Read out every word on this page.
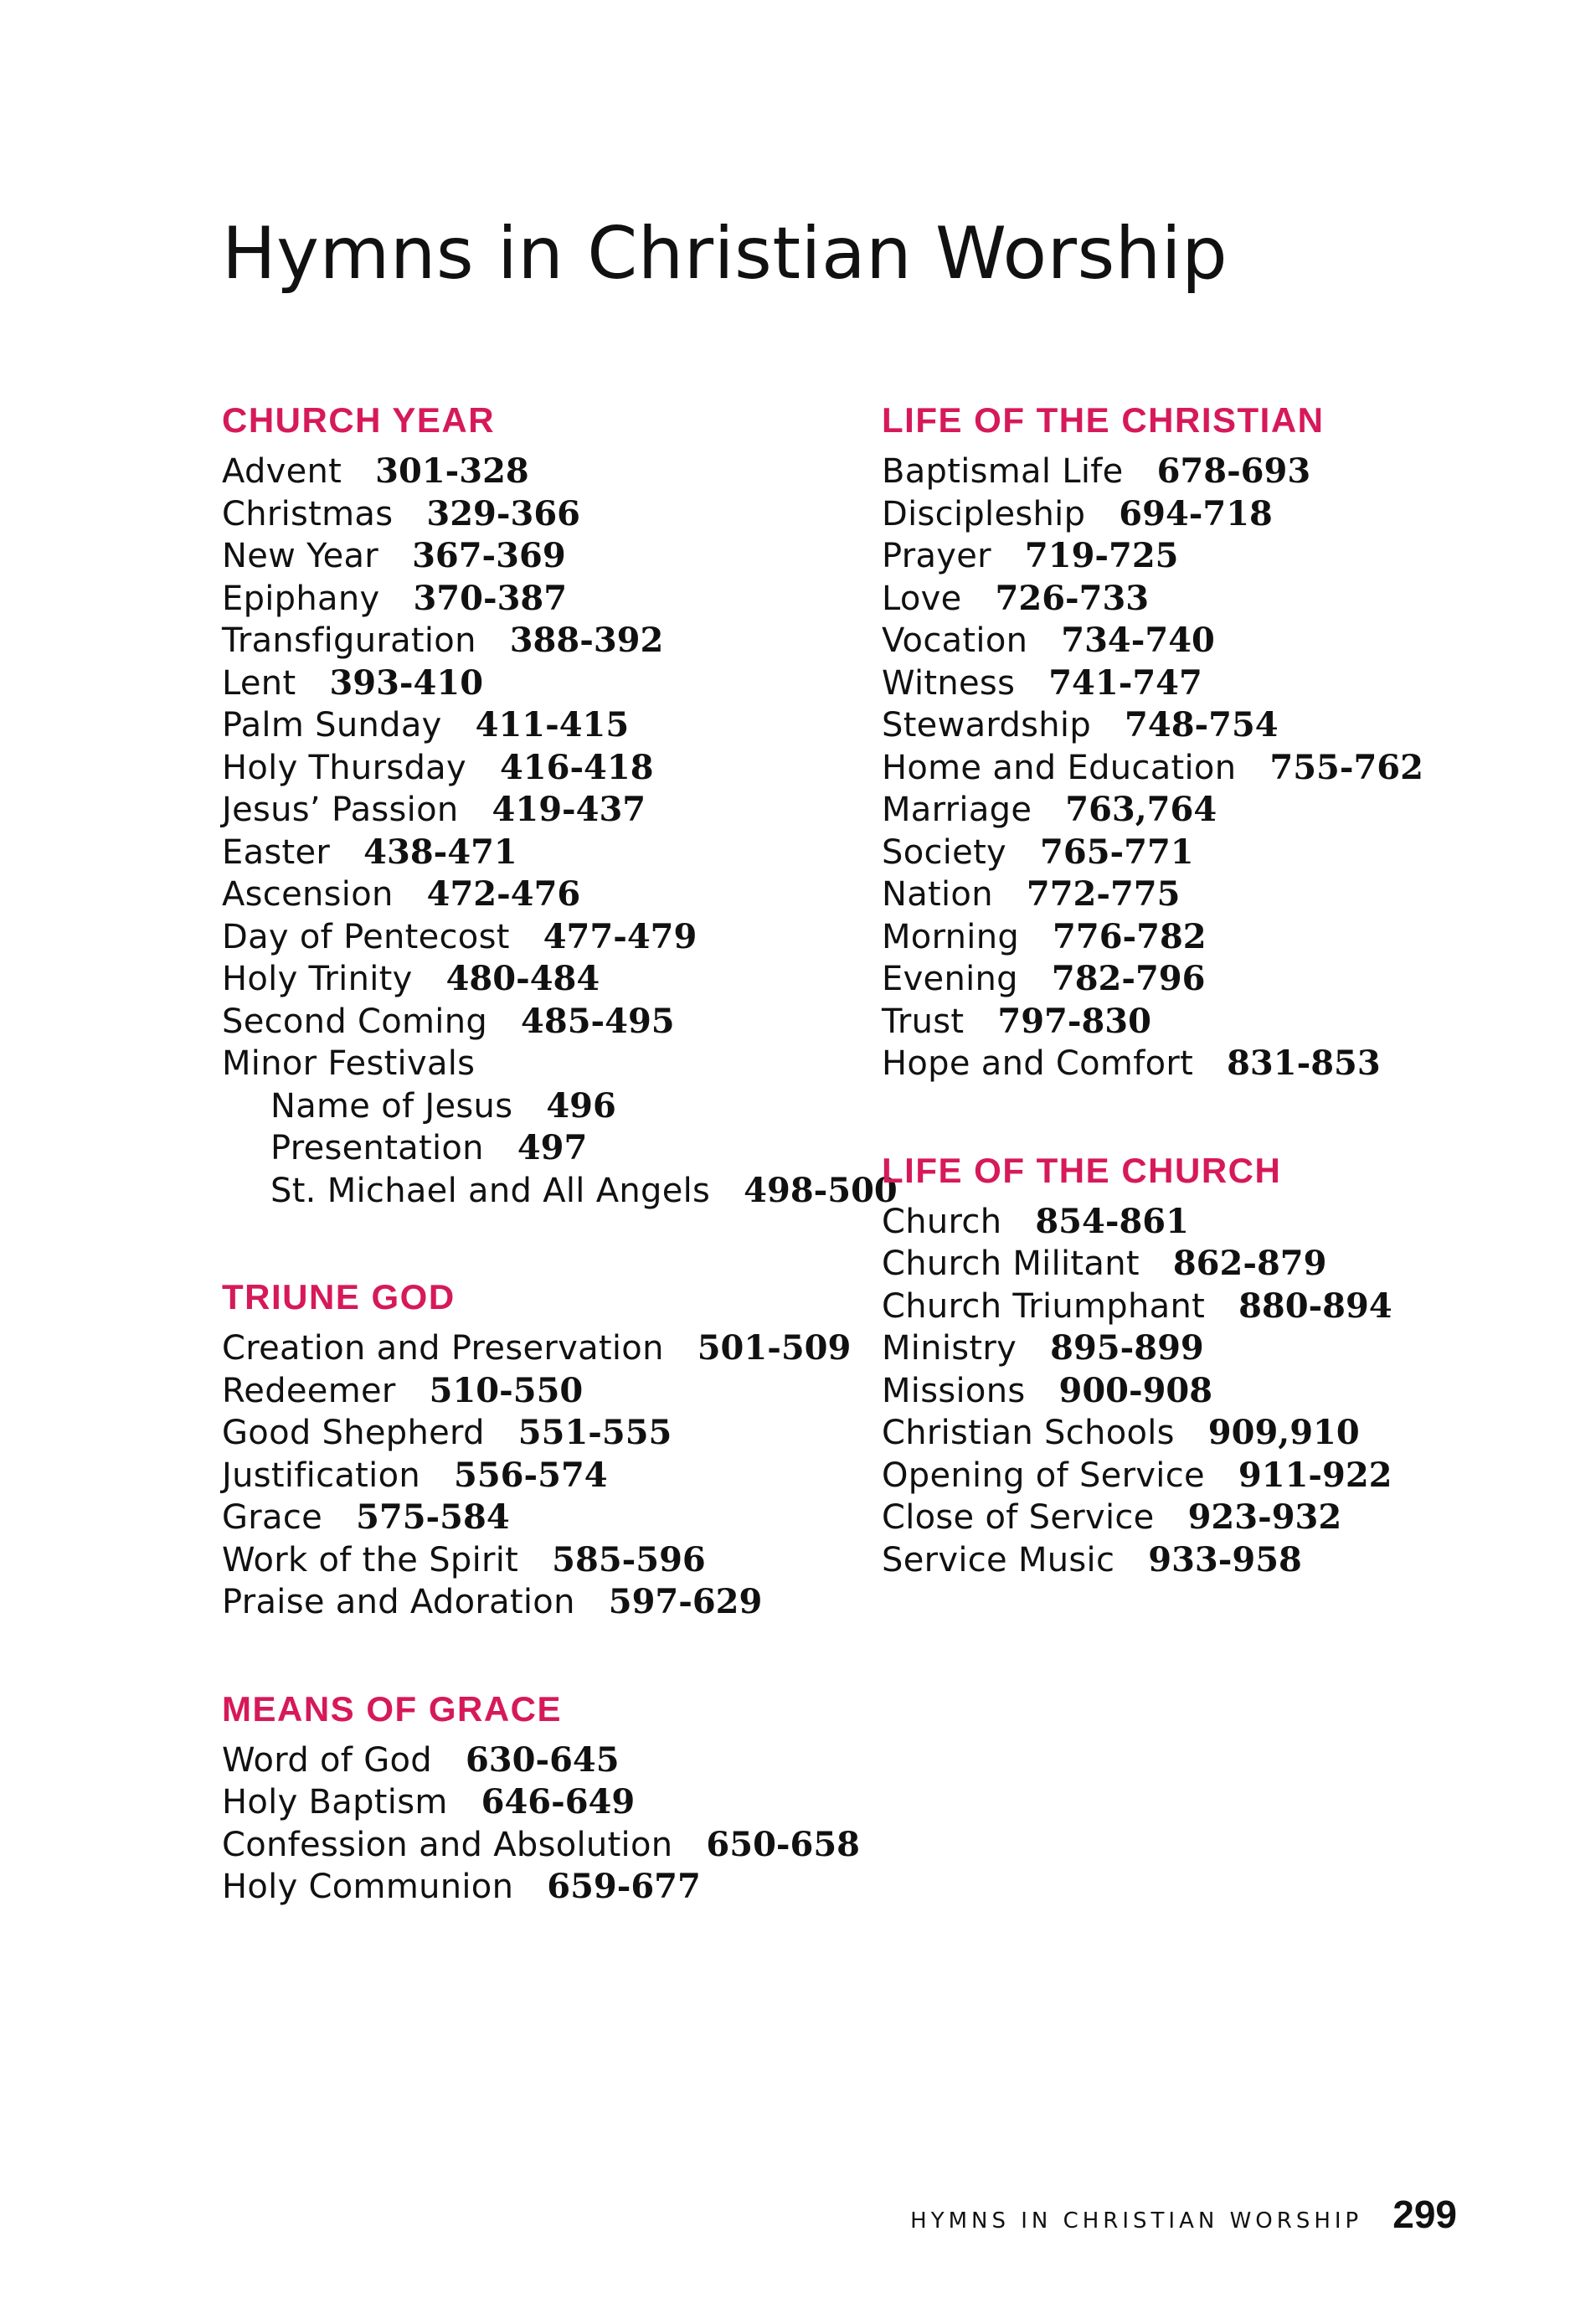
Hymns in Christian Worship
CHURCH YEAR
Advent 301-328
Christmas 329-366
New Year 367-369
Epiphany 370-387
Transfiguration 388-392
Lent 393-410
Palm Sunday 411-415
Holy Thursday 416-418
Jesus’ Passion 419-437
Easter 438-471
Ascension 472-476
Day of Pentecost 477-479
Holy Trinity 480-484
Second Coming 485-495
Minor Festivals
Name of Jesus 496
Presentation 497
St. Michael and All Angels 498-500
TRIUNE GOD
Creation and Preservation 501-509
Redeemer 510-550
Good Shepherd 551-555
Justification 556-574
Grace 575-584
Work of the Spirit 585-596
Praise and Adoration 597-629
MEANS OF GRACE
Word of God 630-645
Holy Baptism 646-649
Confession and Absolution 650-658
Holy Communion 659-677
LIFE OF THE CHRISTIAN
Baptismal Life 678-693
Discipleship 694-718
Prayer 719-725
Love 726-733
Vocation 734-740
Witness 741-747
Stewardship 748-754
Home and Education 755-762
Marriage 763,764
Society 765-771
Nation 772-775
Morning 776-782
Evening 782-796
Trust 797-830
Hope and Comfort 831-853
LIFE OF THE CHURCH
Church 854-861
Church Militant 862-879
Church Triumphant 880-894
Ministry 895-899
Missions 900-908
Christian Schools 909,910
Opening of Service 911-922
Close of Service 923-932
Service Music 933-958
HYMNS IN CHRISTIAN WORSHIP 299
